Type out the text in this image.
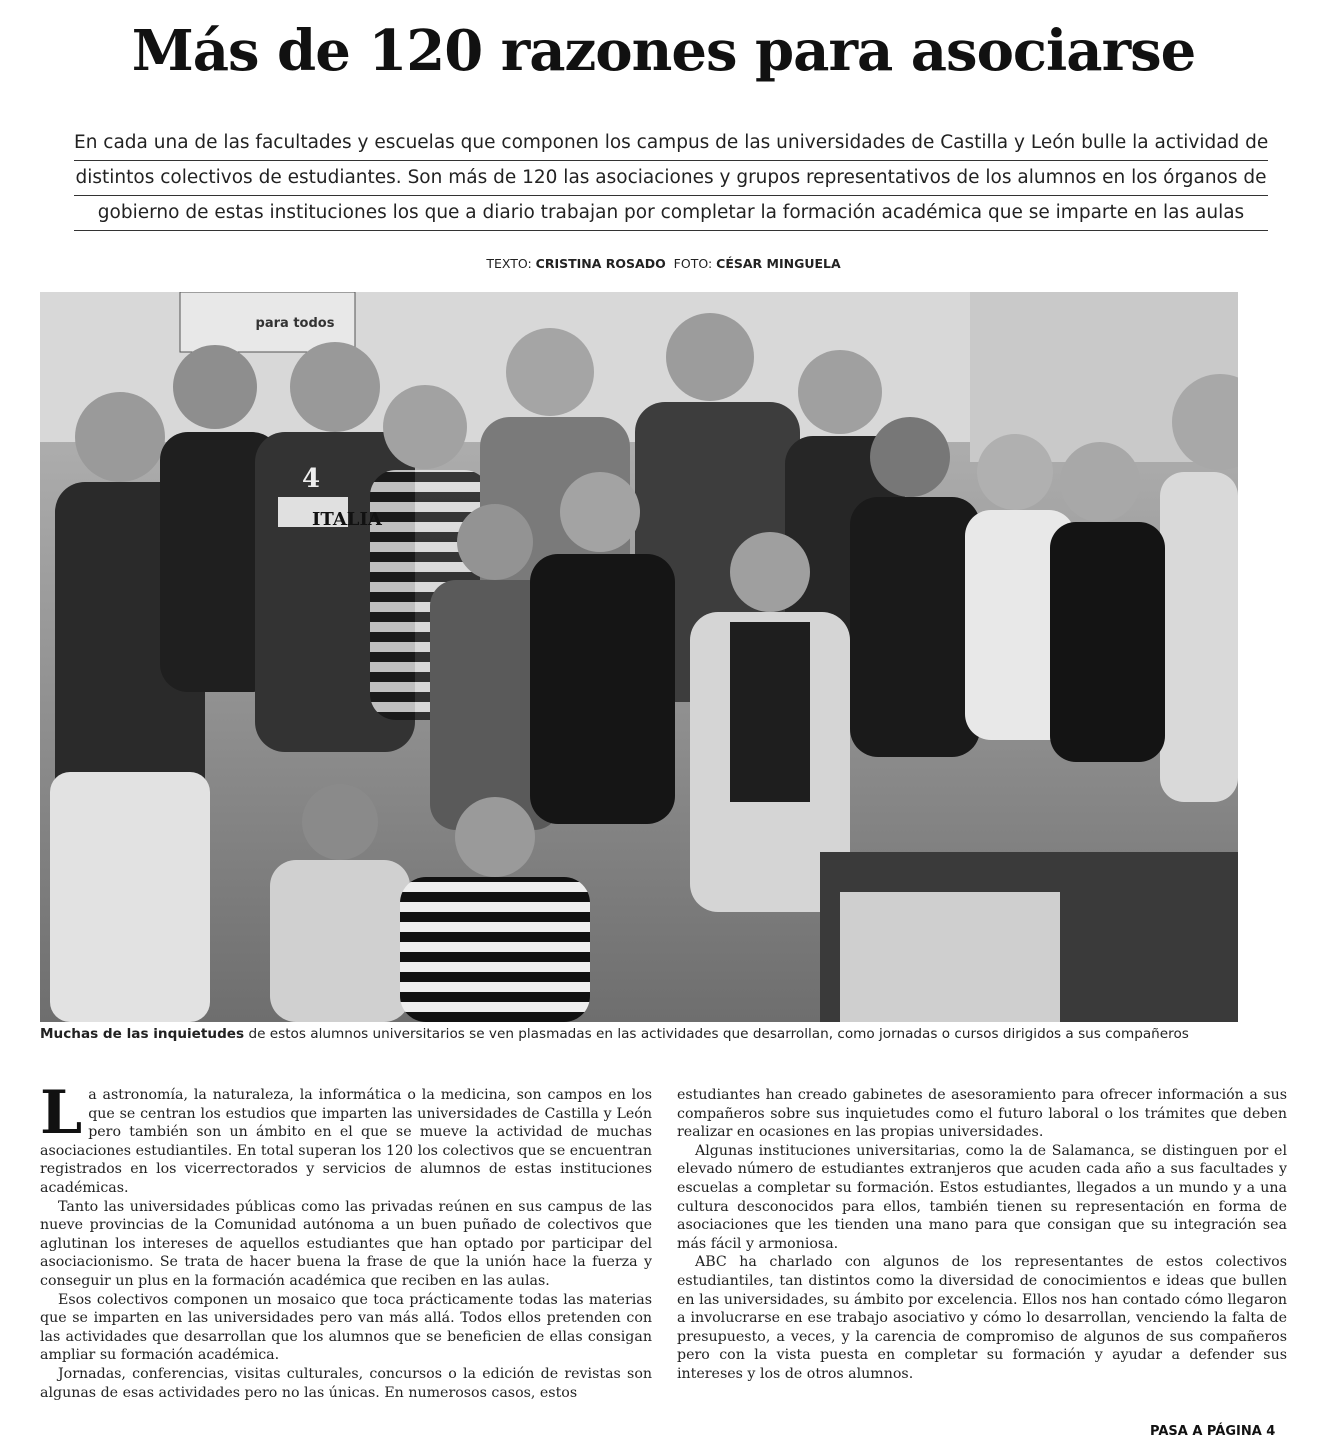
Más de 120 razones para asociarse
En cada una de las facultades y escuelas que componen los campus de las universidades de Castilla y León bulle la actividad de
distintos colectivos de estudiantes. Son más de 120 las asociaciones y grupos representativos de los alumnos en los órganos de
gobierno de estas instituciones los que a diario trabajan por completar la formación académica que se imparte en las aulas
TEXTO: CRISTINA ROSADO FOTO: CÉSAR MINGUELA
para todos
ITALIA
4
Muchas de las inquietudes de estos alumnos universitarios se ven plasmadas en las actividades que desarrollan, como jornadas o cursos dirigidos a sus compañeros

La astronomía, la naturaleza, la informática o la medicina, son campos en los que se centran los estudios que imparten las universidades de Castilla y León pero también son un ámbito en el que se mueve la actividad de muchas asociaciones estudiantiles. En total superan los 120 los colectivos que se encuentran registrados en los vicerrectorados y servicios de alumnos de estas instituciones académicas.

Tanto las universidades públicas como las privadas reúnen en sus campus de las nueve provincias de la Comunidad autónoma a un buen puñado de colectivos que aglutinan los intereses de aquellos estudiantes que han optado por participar del asociacionismo. Se trata de hacer buena la frase de que la unión hace la fuerza y conseguir un plus en la formación académica que reciben en las aulas.

Esos colectivos componen un mosaico que toca prácticamente todas las materias que se imparten en las universidades pero van más allá. Todos ellos pretenden con las actividades que desarrollan que los alumnos que se beneficien de ellas consigan ampliar su formación académica.

Jornadas, conferencias, visitas culturales, concursos o la edición de revistas son algunas de esas actividades pero no las únicas. En numerosos casos, estos

estudiantes han creado gabinetes de asesoramiento para ofrecer información a sus compañeros sobre sus inquietudes como el futuro laboral o los trámites que deben realizar en ocasiones en las propias universidades.

Algunas instituciones universitarias, como la de Salamanca, se distinguen por el elevado número de estudiantes extranjeros que acuden cada año a sus facultades y escuelas a completar su formación. Estos estudiantes, llegados a un mundo y a una cultura desconocidos para ellos, también tienen su representación en forma de asociaciones que les tienden una mano para que consigan que su integración sea más fácil y armoniosa.

ABC ha charlado con algunos de los representantes de estos colectivos estudiantiles, tan distintos como la diversidad de conocimientos e ideas que bullen en las universidades, su ámbito por excelencia. Ellos nos han contado cómo llegaron a involucrarse en ese trabajo asociativo y cómo lo desarrollan, venciendo la falta de presupuesto, a veces, y la carencia de compromiso de algunos de sus compañeros pero con la vista puesta en completar su formación y ayudar a defender sus intereses y los de otros alumnos.

PASA A PÁGINA 4
